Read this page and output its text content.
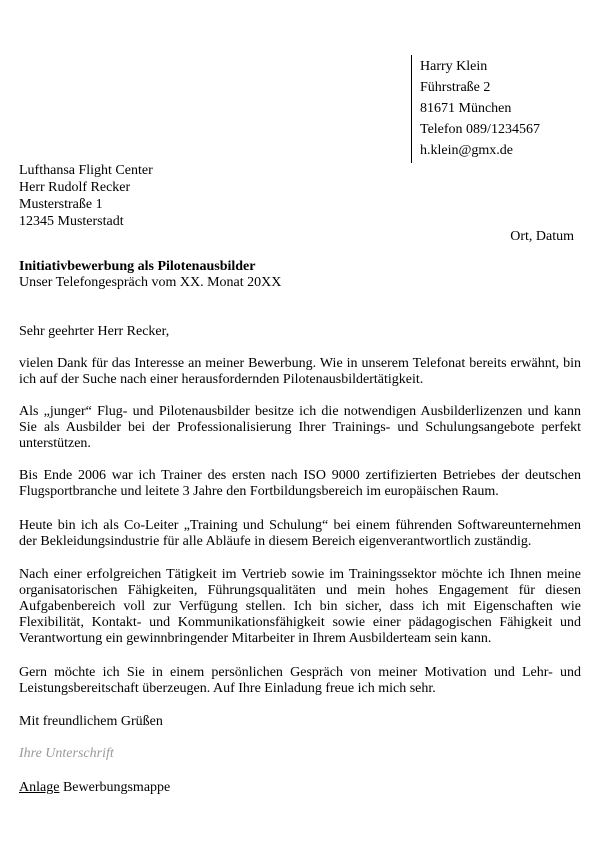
Harry Klein
Führstraße 2
81671 München
Telefon 089/1234567
h.klein@gmx.de
Lufthansa Flight Center
Herr Rudolf Recker
Musterstraße 1
12345 Musterstadt
Ort, Datum
Initiativbewerbung als Pilotenausbilder
Unser Telefongespräch vom XX. Monat 20XX
Sehr geehrter Herr Recker,

vielen Dank für das Interesse an meiner Bewerbung. Wie in unserem Telefonat bereits erwähnt, bin ich auf der Suche nach einer herausfordernden Pilotenausbildertätigkeit.

Als „junger“ Flug- und Pilotenausbilder besitze ich die notwendigen Ausbilderlizenzen und kann Sie als Ausbilder bei der Professionalisierung Ihrer Trainings- und Schulungsangebote perfekt unterstützen.

Bis Ende 2006 war ich Trainer des ersten nach ISO 9000 zertifizierten Betriebes der deutschen Flugsportbranche und leitete 3 Jahre den Fortbildungsbereich im europäischen Raum.

Heute bin ich als Co-Leiter „Training und Schulung“ bei einem führenden Softwareunternehmen der Bekleidungsindustrie für alle Abläufe in diesem Bereich eigenverantwortlich zuständig.

Nach einer erfolgreichen Tätigkeit im Vertrieb sowie im Trainingssektor möchte ich Ihnen meine organisatorischen Fähigkeiten, Führungsqualitäten und mein hohes Engagement für diesen Aufgabenbereich voll zur Verfügung stellen. Ich bin sicher, dass ich mit Eigenschaften wie Flexibilität, Kontakt- und Kommunikationsfähigkeit sowie einer pädagogischen Fähigkeit und Verantwortung ein gewinnbringender Mitarbeiter in Ihrem Ausbilderteam sein kann.

Gern möchte ich Sie in einem persönlichen Gespräch von meiner Motivation und Lehr- und Leistungsbereitschaft überzeugen. Auf Ihre Einladung freue ich mich sehr.

Mit freundlichem Grüßen
Ihre Unterschrift
Anlage Bewerbungsmappe
